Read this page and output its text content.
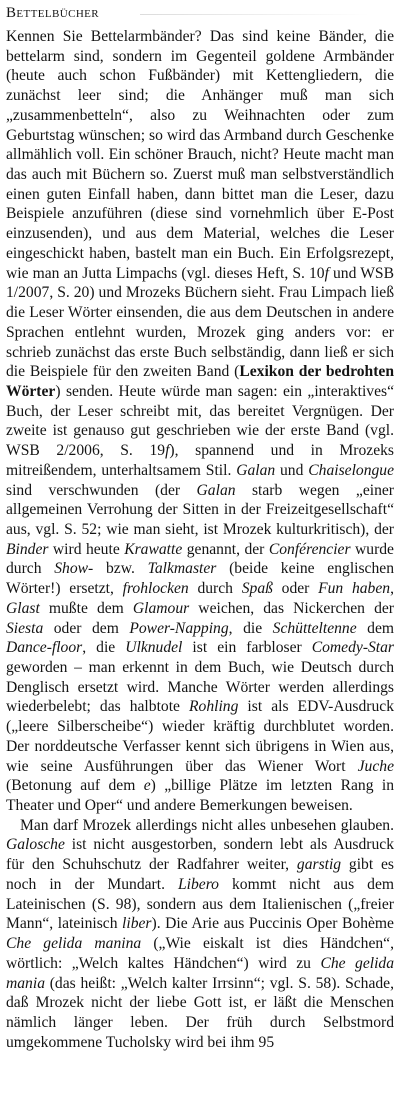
Bettelbücher

Kennen Sie Bettelarmbänder? Das sind keine Bänder, die bettelarm sind, sondern im Gegenteil goldene Armbänder (heute auch schon Fußbänder) mit Kettengliedern, die zunächst leer sind; die Anhänger muß man sich „zusammenbetteln“, also zu Weihnachten oder zum Geburtstag wünschen; so wird das Armband durch Geschenke allmählich voll. Ein schöner Brauch, nicht? Heute macht man das auch mit Büchern so. Zuerst muß man selbstverständlich einen guten Einfall haben, dann bittet man die Leser, dazu Beispiele anzuführen (diese sind vornehmlich über E-Post einzusenden), und aus dem Material, welches die Leser eingeschickt haben, bastelt man ein Buch. Ein Erfolgsrezept, wie man an Jutta Limpachs (vgl. dieses Heft, S. 10f und WSB 1/2007, S. 20) und Mrozeks Büchern sieht. Frau Limpach ließ die Leser Wörter einsenden, die aus dem Deutschen in andere Sprachen entlehnt wurden, Mrozek ging anders vor: er schrieb zunächst das erste Buch selbständig, dann ließ er sich die Beispiele für den zweiten Band (Lexikon der bedrohten Wörter) senden. Heute würde man sagen: ein „interaktives“ Buch, der Leser schreibt mit, das bereitet Vergnügen. Der zweite ist genauso gut geschrieben wie der erste Band (vgl. WSB 2/2006, S. 19f), spannend und in Mrozeks mitreißendem, unterhaltsamem Stil. Galan und Chaiselongue sind verschwunden (der Galan starb wegen „einer allgemeinen Verrohung der Sitten in der Freizeitgesellschaft“ aus, vgl. S. 52; wie man sieht, ist Mrozek kulturkritisch), der Binder wird heute Krawatte genannt, der Conférencier wurde durch Show- bzw. Talkmaster (beide keine englischen Wörter!) ersetzt, frohlocken durch Spaß oder Fun haben, Glast mußte dem Glamour weichen, das Nickerchen der Siesta oder dem Power-Napping, die Schütteltenne dem Dance-floor, die Ulknudel ist ein farbloser Comedy-Star geworden – man erkennt in dem Buch, wie Deutsch durch Denglisch ersetzt wird. Manche Wörter werden allerdings wiederbelebt; das halbtote Rohling ist als EDV-Ausdruck („leere Silberscheibe“) wieder kräftig durchblutet worden. Der norddeutsche Verfasser kennt sich übrigens in Wien aus, wie seine Ausführungen über das Wiener Wort Juche (Betonung auf dem e) „billige Plätze im letzten Rang in Theater und Oper“ und andere Bemerkungen beweisen.

Man darf Mrozek allerdings nicht alles unbesehen glauben. Galosche ist nicht ausgestorben, sondern lebt als Ausdruck für den Schuhschutz der Radfahrer weiter, garstig gibt es noch in der Mundart. Libero kommt nicht aus dem Lateinischen (S. 98), sondern aus dem Italienischen („freier Mann“, lateinisch liber). Die Arie aus Puccinis Oper Bohème Che gelida manina („Wie eiskalt ist dies Händchen“, wörtlich: „Welch kaltes Händchen“) wird zu Che gelida mania (das heißt: „Welch kalter Irrsinn“; vgl. S. 58). Schade, daß Mrozek nicht der liebe Gott ist, er läßt die Menschen nämlich länger leben. Der früh durch Selbstmord umgekommene Tucholsky wird bei ihm 95
